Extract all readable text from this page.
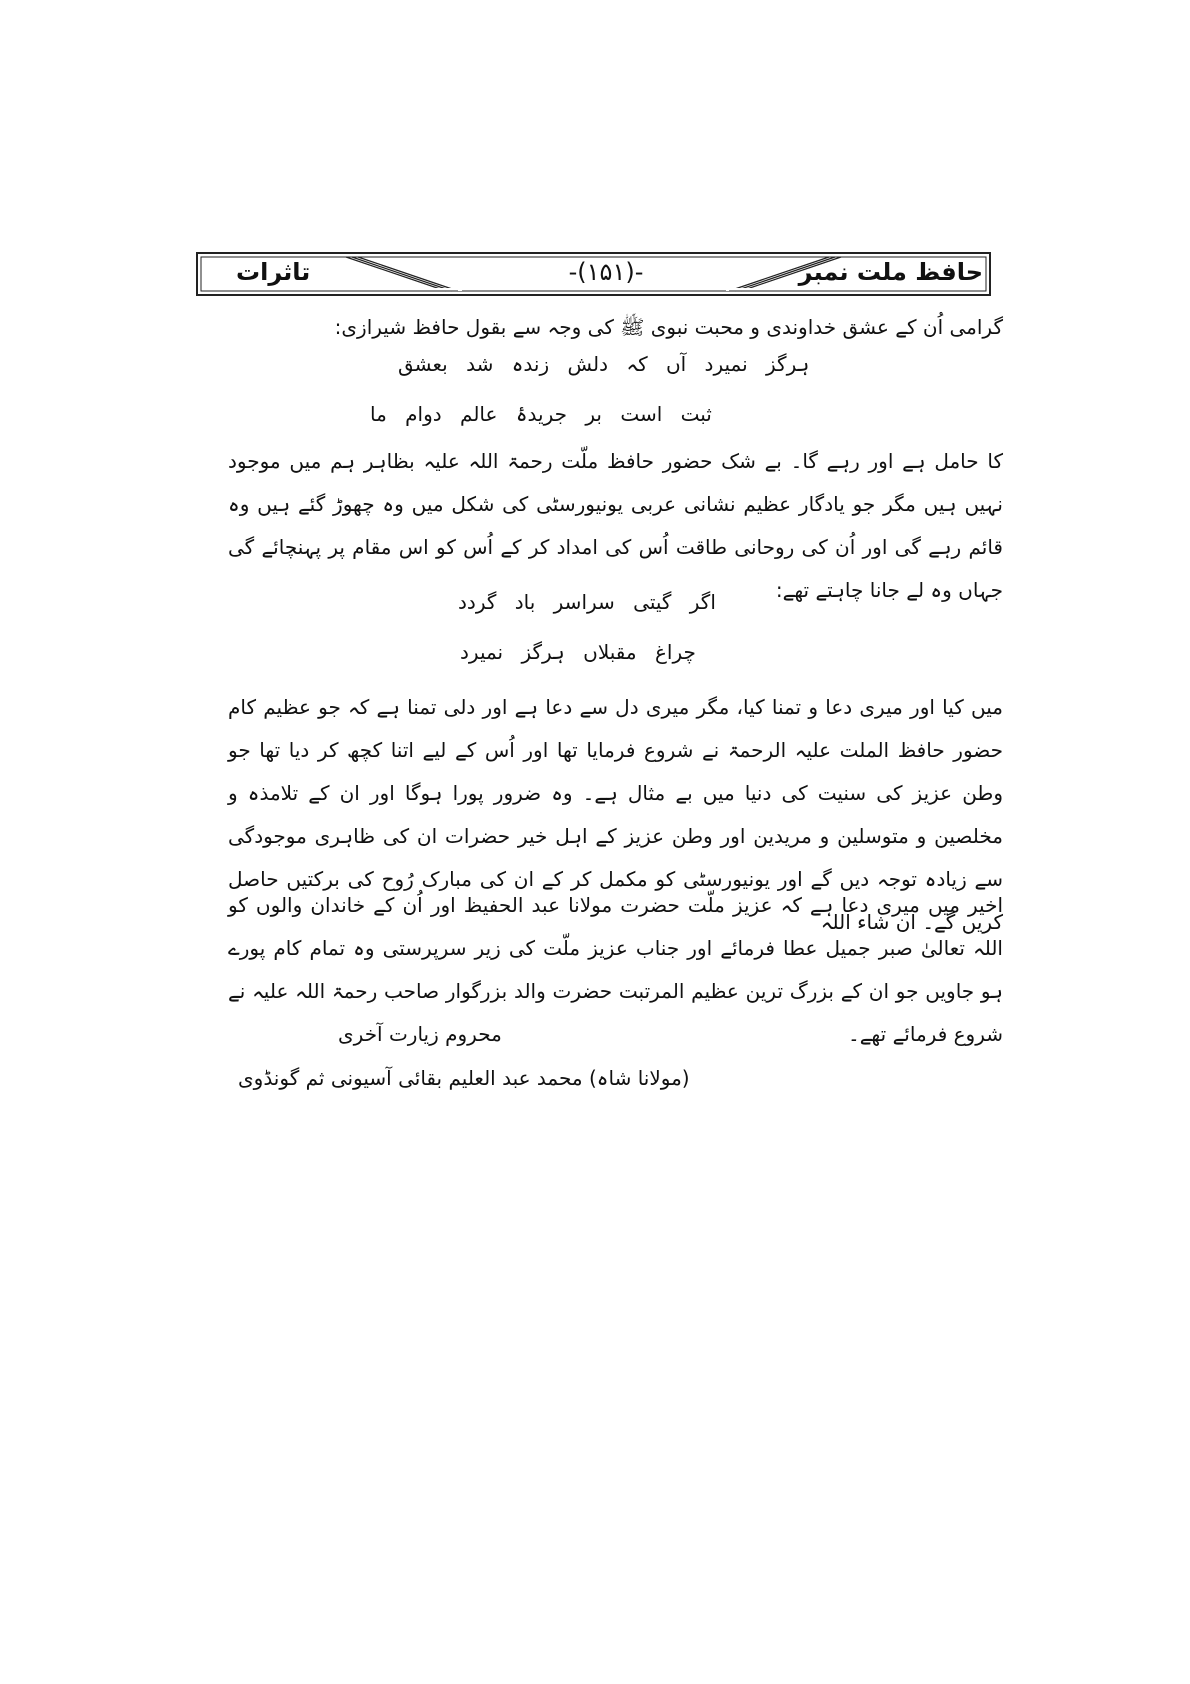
تاثرات	-(۱۵۱)-	حافظ ملت نمبر

گرامی اُن کے عشق خداوندی و محبت نبوی ﷺ کی وجہ سے بقول حافظ شیرازی:

ہرگز نمیرد آں کہ دلش زندہ شد بعشق
ثبت است بر جریدۂ عالم دوام ما

کا حامل ہے اور رہے گا۔ بے شک حضور حافظ ملّت رحمۃ اللہ علیہ بظاہر ہم میں موجود نہیں ہیں مگر جو یادگار عظیم نشانی عربی یونیورسٹی کی شکل میں وہ چھوڑ گئے ہیں وہ قائم رہے گی اور اُن کی روحانی طاقت اُس کی امداد کر کے اُس کو اس مقام پر پہنچائے گی جہاں وہ لے جانا چاہتے تھے:

اگر گیتی سراسر باد گردد
چراغ مقبلاں ہرگز نمیرد

میں کیا اور میری دعا و تمنا کیا، مگر میری دل سے دعا ہے اور دلی تمنا ہے کہ جو عظیم کام حضور حافظ الملت علیہ الرحمۃ نے شروع فرمایا تھا اور اُس کے لیے اتنا کچھ کر دیا تھا جو وطن عزیز کی سنیت کی دنیا میں بے مثال ہے۔ وہ ضرور پورا ہوگا اور ان کے تلامذہ و مخلصین و متوسلین و مریدین اور وطن عزیز کے اہل خیر حضرات ان کی ظاہری موجودگی سے زیادہ توجہ دیں گے اور یونیورسٹی کو مکمل کر کے ان کی مبارک رُوح کی برکتیں حاصل کریں گے۔ ان شاء اللہ

اخیر میں میری دعا ہے کہ عزیز ملّت حضرت مولانا عبد الحفیظ اور اُن کے خاندان والوں کو اللہ تعالیٰ صبر جمیل عطا فرمائے اور جناب عزیز ملّت کی زیر سرپرستی وہ تمام کام پورے ہو جاویں جو ان کے بزرگ ترین عظیم المرتبت حضرت والد بزرگوار صاحب رحمۃ اللہ علیہ نے شروع فرمائے تھے۔

محروم زیارت آخری
(مولانا شاہ) محمد عبد العلیم بقائی آسیونی ثم گونڈوی
